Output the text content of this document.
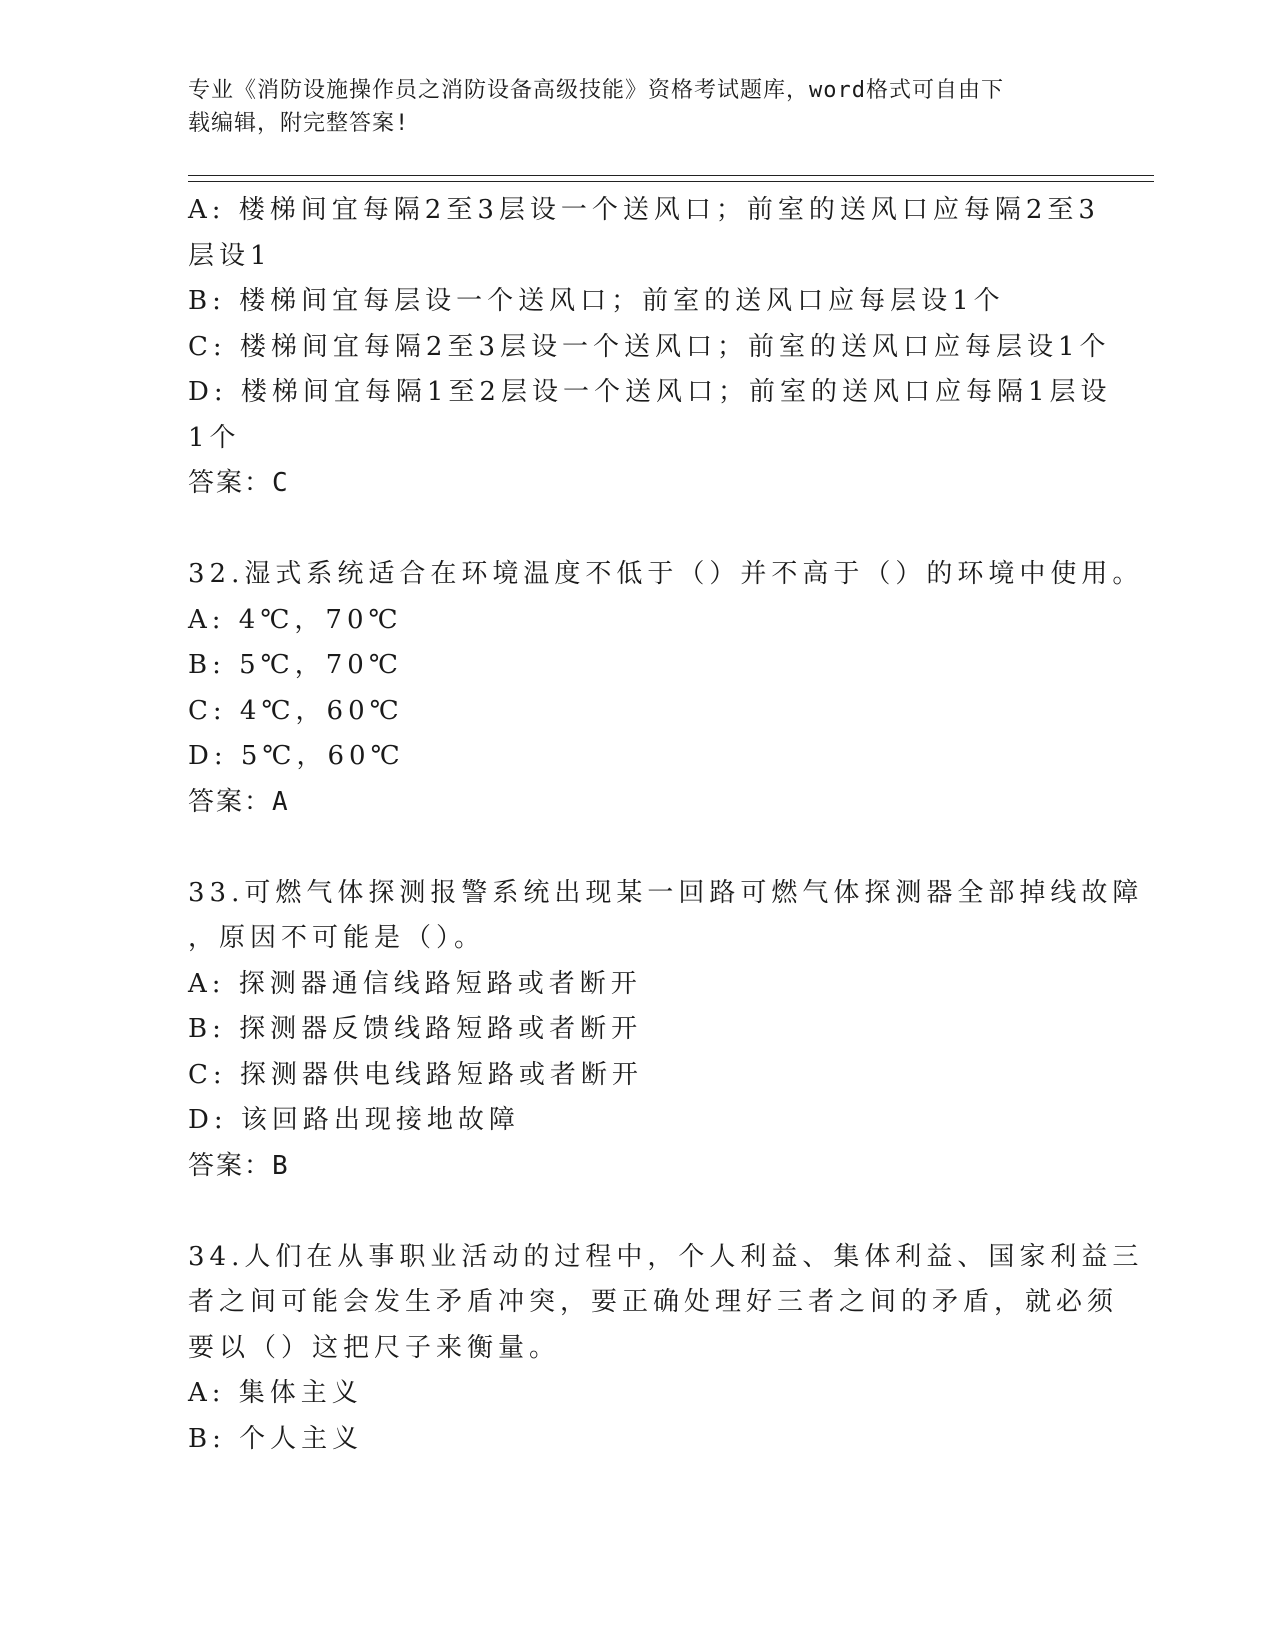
专业《消防设施操作员之消防设备高级技能》资格考试题库，word格式可自由下
载编辑，附完整答案!
A: 楼梯间宜每隔2至3层设一个送风口；前室的送风口应每隔2至3
层设1
B: 楼梯间宜每层设一个送风口；前室的送风口应每层设1个
C: 楼梯间宜每隔2至3层设一个送风口；前室的送风口应每层设1个
D: 楼梯间宜每隔1至2层设一个送风口；前室的送风口应每隔1层设
1个
答案：C
32.湿式系统适合在环境温度不低于（）并不高于（）的环境中使用。
A: 4℃，70℃
B: 5℃，70℃
C: 4℃，60℃
D: 5℃，60℃
答案：A
33.可燃气体探测报警系统出现某一回路可燃气体探测器全部掉线故障
，原因不可能是（）。
A: 探测器通信线路短路或者断开
B: 探测器反馈线路短路或者断开
C: 探测器供电线路短路或者断开
D: 该回路出现接地故障
答案：B
34.人们在从事职业活动的过程中，个人利益、集体利益、国家利益三
者之间可能会发生矛盾冲突，要正确处理好三者之间的矛盾，就必须
要以（）这把尺子来衡量。
A: 集体主义
B: 个人主义
